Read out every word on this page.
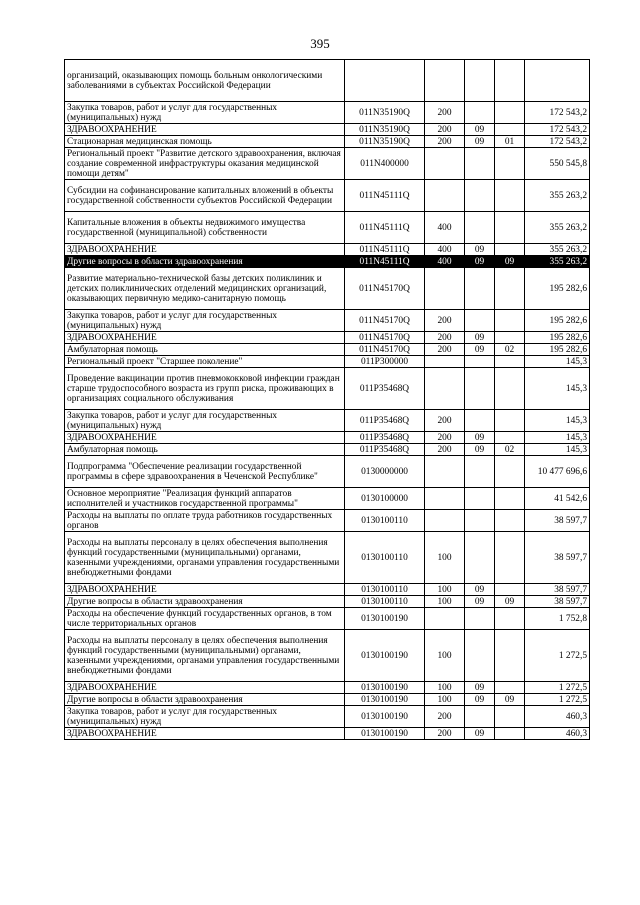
395
организаций, оказывающих помощь больным онкологическими заболеваниями в субъектах Российской Федерации					
Закупка товаров, работ и услуг для государственных (муниципальных) нужд	011N35190Q	200			172 543,2
ЗДРАВООХРАНЕНИЕ	011N35190Q	200	09		172 543,2
Стационарная медицинская помощь	011N35190Q	200	09	01	172 543,2
Региональный проект "Развитие детского здравоохранения, включая создание современной инфраструктуры оказания медицинской помощи детям"	011N400000				550 545,8
Субсидии на софинансирование капитальных вложений в объекты государственной собственности субъектов Российской Федерации	011N45111Q				355 263,2
Капитальные вложения в объекты недвижимого имущества государственной (муниципальной) собственности	011N45111Q	400			355 263,2
ЗДРАВООХРАНЕНИЕ	011N45111Q	400	09		355 263,2
Другие вопросы в области здравоохранения	011N45111Q	400	09	09	355 263,2
Развитие материально-технической базы детских поликлиник и детских поликлинических отделений медицинских организаций, оказывающих первичную медико-санитарную помощь	011N45170Q				195 282,6
Закупка товаров, работ и услуг для государственных (муниципальных) нужд	011N45170Q	200			195 282,6
ЗДРАВООХРАНЕНИЕ	011N45170Q	200	09		195 282,6
Амбулаторная помощь	011N45170Q	200	09	02	195 282,6
Региональный проект "Старшее поколение"	011P300000				145,3
Проведение вакцинации против пневмококковой инфекции граждан старше трудоспособного возраста из групп риска, проживающих в организациях социального обслуживания	011P35468Q				145,3
Закупка товаров, работ и услуг для государственных (муниципальных) нужд	011P35468Q	200			145,3
ЗДРАВООХРАНЕНИЕ	011P35468Q	200	09		145,3
Амбулаторная помощь	011P35468Q	200	09	02	145,3
Подпрограмма "Обеспечение реализации государственной программы в сфере здравоохранения в Чеченской Республике"	0130000000				10 477 696,6
Основное мероприятие "Реализация функций аппаратов исполнителей и участников государственной программы"	0130100000				41 542,6
Расходы на выплаты по оплате труда работников государственных органов	0130100110				38 597,7
Расходы на выплаты персоналу в целях обеспечения выполнения функций государственными (муниципальными) органами, казенными учреждениями, органами управления государственными внебюджетными фондами	0130100110	100			38 597,7
ЗДРАВООХРАНЕНИЕ	0130100110	100	09		38 597,7
Другие вопросы в области здравоохранения	0130100110	100	09	09	38 597,7
Расходы на обеспечение функций государственных органов, в том числе территориальных органов	0130100190				1 752,8
Расходы на выплаты персоналу в целях обеспечения выполнения функций государственными (муниципальными) органами, казенными учреждениями, органами управления государственными внебюджетными фондами	0130100190	100			1 272,5
ЗДРАВООХРАНЕНИЕ	0130100190	100	09		1 272,5
Другие вопросы в области здравоохранения	0130100190	100	09	09	1 272,5
Закупка товаров, работ и услуг для государственных (муниципальных) нужд	0130100190	200			460,3
ЗДРАВООХРАНЕНИЕ	0130100190	200	09		460,3
